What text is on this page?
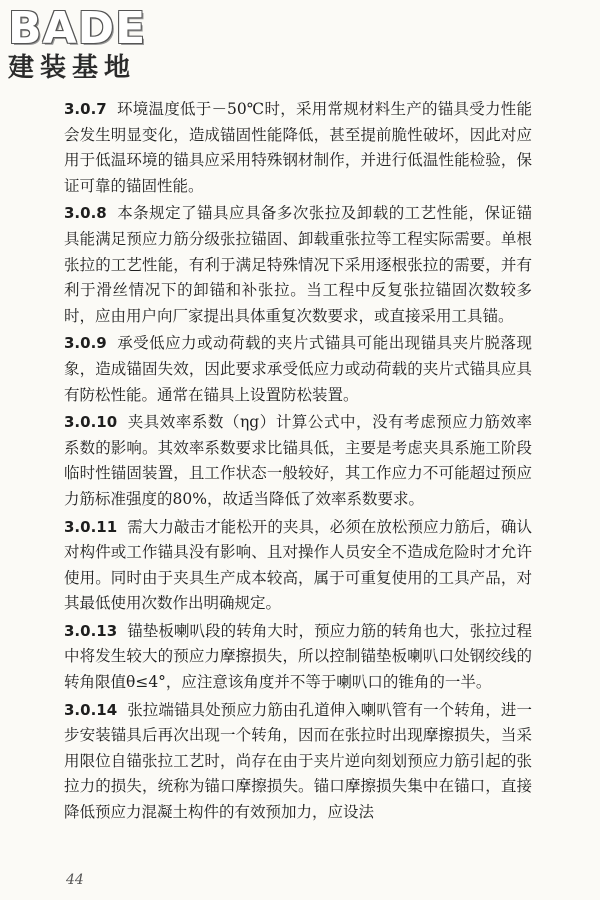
BADE
建装基地

3.0.7 环境温度低于－50℃时，采用常规材料生产的锚具受力性能会发生明显变化，造成锚固性能降低，甚至提前脆性破坏，因此对应用于低温环境的锚具应采用特殊钢材制作，并进行低温性能检验，保证可靠的锚固性能。

3.0.8 本条规定了锚具应具备多次张拉及卸载的工艺性能，保证锚具能满足预应力筋分级张拉锚固、卸载重张拉等工程实际需要。单根张拉的工艺性能，有利于满足特殊情况下采用逐根张拉的需要，并有利于滑丝情况下的卸锚和补张拉。当工程中反复张拉锚固次数较多时，应由用户向厂家提出具体重复次数要求，或直接采用工具锚。

3.0.9 承受低应力或动荷载的夹片式锚具可能出现锚具夹片脱落现象，造成锚固失效，因此要求承受低应力或动荷载的夹片式锚具应具有防松性能。通常在锚具上设置防松装置。

3.0.10 夹具效率系数（ηg）计算公式中，没有考虑预应力筋效率系数的影响。其效率系数要求比锚具低，主要是考虑夹具系施工阶段临时性锚固装置，且工作状态一般较好，其工作应力不可能超过预应力筋标准强度的80%，故适当降低了效率系数要求。

3.0.11 需大力敲击才能松开的夹具，必须在放松预应力筋后，确认对构件或工作锚具没有影响、且对操作人员安全不造成危险时才允许使用。同时由于夹具生产成本较高，属于可重复使用的工具产品，对其最低使用次数作出明确规定。

3.0.13 锚垫板喇叭段的转角大时，预应力筋的转角也大，张拉过程中将发生较大的预应力摩擦损失，所以控制锚垫板喇叭口处钢绞线的转角限值θ≤4°，应注意该角度并不等于喇叭口的锥角的一半。

3.0.14 张拉端锚具处预应力筋由孔道伸入喇叭管有一个转角，进一步安装锚具后再次出现一个转角，因而在张拉时出现摩擦损失，当采用限位自锚张拉工艺时，尚存在由于夹片逆向刻划预应力筋引起的张拉力的损失，统称为锚口摩擦损失。锚口摩擦损失集中在锚口，直接降低预应力混凝土构件的有效预加力，应设法

44
